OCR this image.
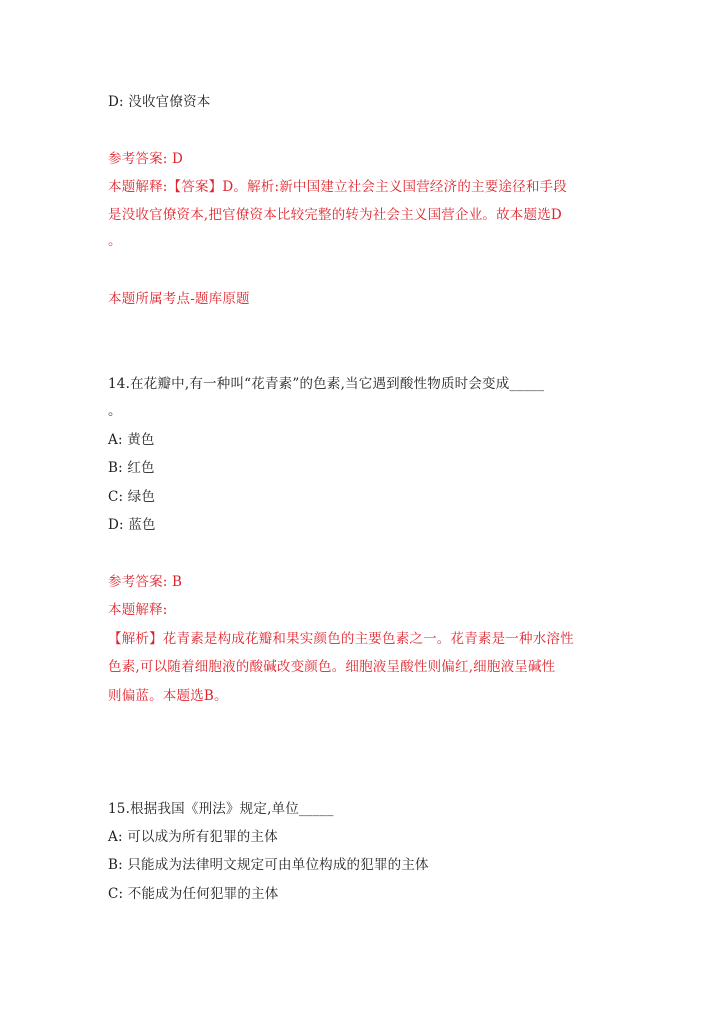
D: 没收官僚资本
参考答案: D
本题解释:【答案】D。解析:新中国建立社会主义国营经济的主要途径和手段
是没收官僚资本,把官僚资本比较完整的转为社会主义国营企业。故本题选D
。
本题所属考点-题库原题
14.在花瓣中,有一种叫“花青素”的色素,当它遇到酸性物质时会变成_____
。
A: 黄色
B: 红色
C: 绿色
D: 蓝色
参考答案: B
本题解释:
【解析】花青素是构成花瓣和果实颜色的主要色素之一。花青素是一种水溶性
色素,可以随着细胞液的酸碱改变颜色。细胞液呈酸性则偏红,细胞液呈碱性
则偏蓝。本题选B。
15.根据我国《刑法》规定,单位_____
A: 可以成为所有犯罪的主体
B: 只能成为法律明文规定可由单位构成的犯罪的主体
C: 不能成为任何犯罪的主体
